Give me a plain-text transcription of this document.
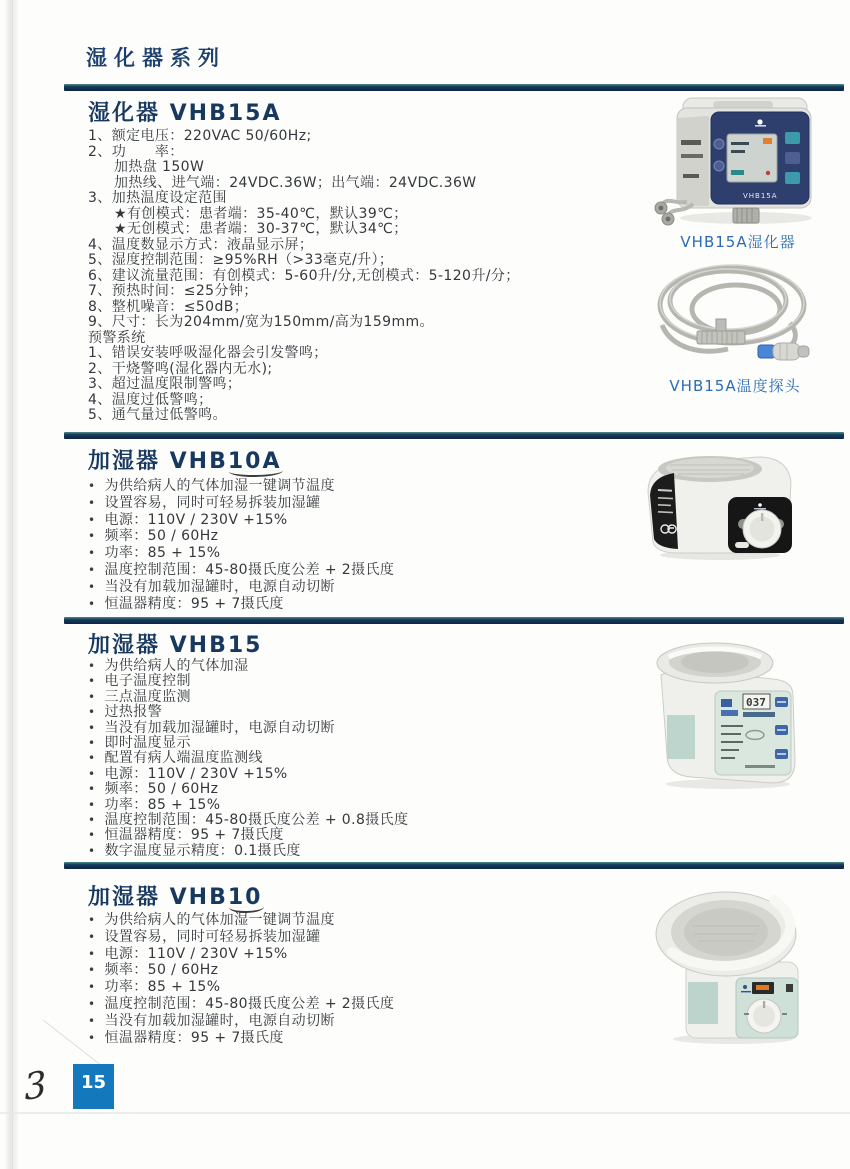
湿化器系列
湿化器 VHB15A
1、额定电压：220VAC 50/60Hz;
2、功　　率：
加热盘 150W
加热线、进气端：24VDC.36W；出气端：24VDC.36W
3、加热温度设定范围
★有创模式：患者端：35-40℃，默认39℃；
★无创模式：患者端：30-37℃，默认34℃；
4、温度数显示方式：液晶显示屏；
5、湿度控制范围：≥95%RH（>33毫克/升）；
6、建议流量范围：有创模式：5-60升/分,无创模式：5-120升/分；
7、预热时间：≤25分钟；
8、整机噪音：≤50dB；
9、尺寸：长为204mm/宽为150mm/高为159mm。
预警系统
1、错误安装呼吸湿化器会引发警鸣；
2、干烧警鸣(湿化器内无水);
3、超过温度限制警鸣；
4、温度过低警鸣；
5、通气量过低警鸣。
VHB15A
VHB15A湿化器
VHB15A温度探头
加湿器 VHB10A
• 为供给病人的气体加湿一键调节温度
• 设置容易，同时可轻易拆装加湿罐
• 电源：110V / 230V +15%
• 频率：50 / 60Hz
• 功率：85 + 15%
• 温度控制范围：45-80摄氏度公差 + 2摄氏度
• 当没有加载加湿罐时，电源自动切断
• 恒温器精度：95 + 7摄氏度
加湿器 VHB15
• 为供给病人的气体加湿
• 电子温度控制
• 三点温度监测
• 过热报警
• 当没有加载加湿罐时，电源自动切断
• 即时温度显示
• 配置有病人端温度监测线
• 电源：110V / 230V +15%
• 频率：50 / 60Hz
• 功率：85 + 15%
• 温度控制范围：45-80摄氏度公差 + 0.8摄氏度
• 恒温器精度：95 + 7摄氏度
• 数字温度显示精度：0.1摄氏度
037
加湿器 VHB10
• 为供给病人的气体加湿一键调节温度
• 设置容易，同时可轻易拆装加湿罐
• 电源：110V / 230V +15%
• 频率：50 / 60Hz
• 功率：85 + 15%
• 温度控制范围：45-80摄氏度公差 + 2摄氏度
• 当没有加载加湿罐时，电源自动切断
• 恒温器精度：95 + 7摄氏度
15
3
